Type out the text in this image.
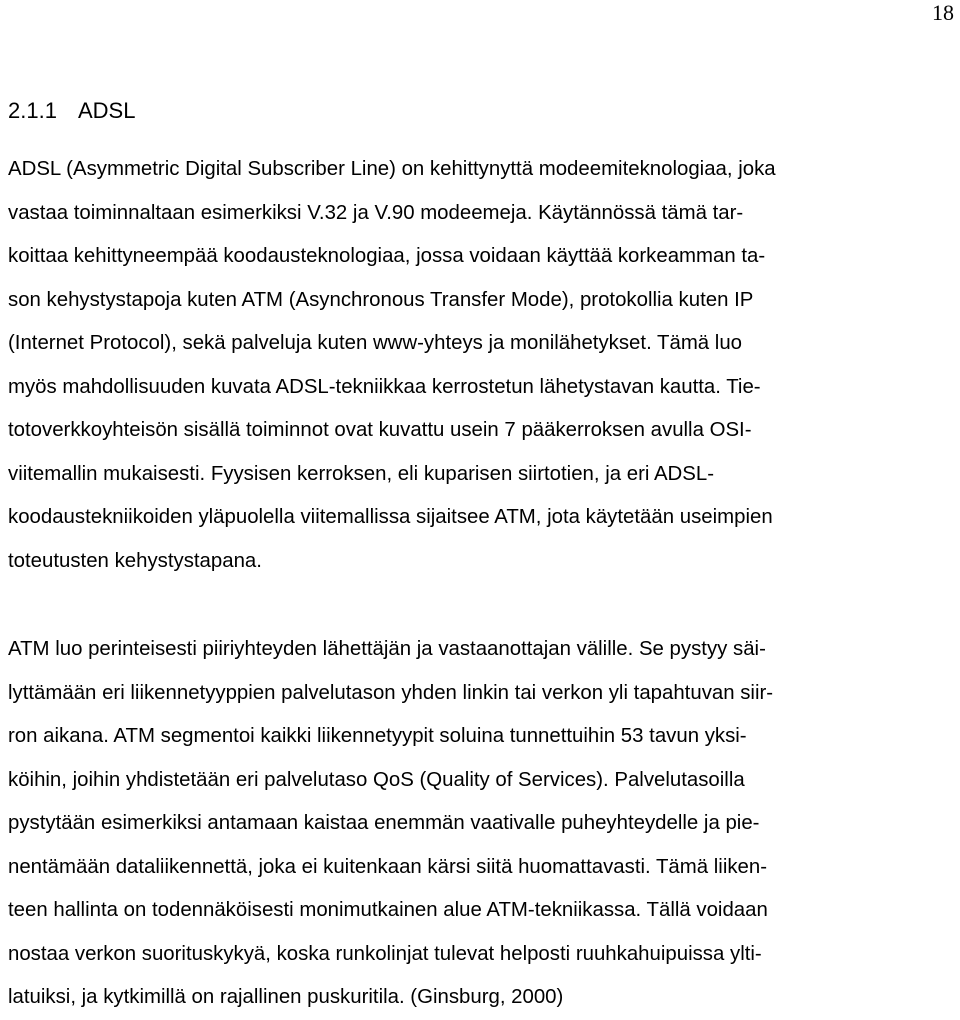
18
2.1.1 ADSL
ADSL (Asymmetric Digital Subscriber Line) on kehittynyttä modeemiteknologiaa, joka
vastaa toiminnaltaan esimerkiksi V.32 ja V.90 modeemeja. Käytännössä tämä tar-
koittaa kehittyneempää koodausteknologiaa, jossa voidaan käyttää korkeamman ta-
son kehystystapoja kuten ATM (Asynchronous Transfer Mode), protokollia kuten IP
(Internet Protocol), sekä palveluja kuten www-yhteys ja monilähetykset. Tämä luo
myös mahdollisuuden kuvata ADSL-tekniikkaa kerrostetun lähetystavan kautta. Tie-
totoverkkoyhteisön sisällä toiminnot ovat kuvattu usein 7 pääkerroksen avulla OSI-
viitemallin mukaisesti. Fyysisen kerroksen, eli kuparisen siirtotien, ja eri ADSL-
koodaustekniikoiden yläpuolella viitemallissa sijaitsee ATM, jota käytetään useimpien
toteutusten kehystystapana.
ATM luo perinteisesti piiriyhteyden lähettäjän ja vastaanottajan välille. Se pystyy säi-
lyttämään eri liikennetyyppien palvelutason yhden linkin tai verkon yli tapahtuvan siir-
ron aikana. ATM segmentoi kaikki liikennetyypit soluina tunnettuihin 53 tavun yksi-
köihin, joihin yhdistetään eri palvelutaso QoS (Quality of Services). Palvelutasoilla
pystytään esimerkiksi antamaan kaistaa enemmän vaativalle puheyhteydelle ja pie-
nentämään dataliikennettä, joka ei kuitenkaan kärsi siitä huomattavasti. Tämä liiken-
teen hallinta on todennäköisesti monimutkainen alue ATM-tekniikassa. Tällä voidaan
nostaa verkon suorituskykyä, koska runkolinjat tulevat helposti ruuhkahuipuissa ylti-
latuiksi, ja kytkimillä on rajallinen puskuritila. (Ginsburg, 2000)
